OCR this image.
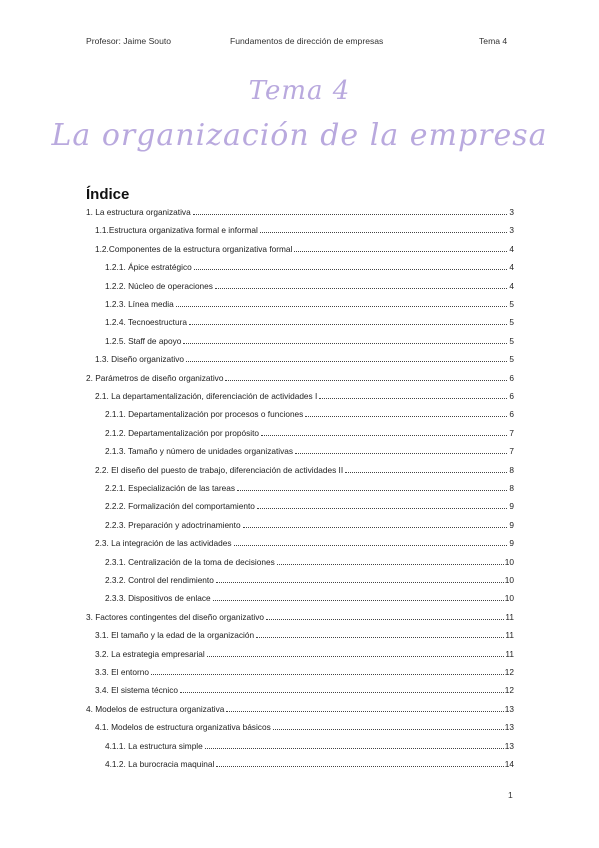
Profesor: Jaime Souto	Fundamentos de dirección de empresas	Tema 4
Tema 4
La organización de la empresa
Índice
1. La estructura organizativa	3
1.1.Estructura organizativa formal e informal	3
1.2.Componentes de la estructura organizativa formal	4
1.2.1. Ápice estratégico	4
1.2.2. Núcleo de operaciones	4
1.2.3. Línea media	5
1.2.4. Tecnoestructura	5
1.2.5. Staff de apoyo	5
1.3. Diseño organizativo	5
2. Parámetros de diseño organizativo	6
2.1. La departamentalización, diferenciación de actividades I	6
2.1.1. Departamentalización por procesos o funciones	6
2.1.2. Departamentalización por propósito	7
2.1.3. Tamaño y número de unidades organizativas	7
2.2. El diseño del puesto de trabajo, diferenciación de actividades II	8
2.2.1. Especialización de las tareas	8
2.2.2. Formalización del comportamiento	9
2.2.3. Preparación y adoctrinamiento	9
2.3. La integración de las actividades	9
2.3.1. Centralización de la toma de decisiones	10
2.3.2. Control del rendimiento	10
2.3.3. Dispositivos de enlace	10
3. Factores contingentes del diseño organizativo	11
3.1. El tamaño y la edad de la organización	11
3.2. La estrategia empresarial	11
3.3. El entorno	12
3.4. El sistema técnico	12
4. Modelos de estructura organizativa	13
4.1. Modelos de estructura organizativa básicos	13
4.1.1. La estructura simple	13
4.1.2. La burocracia maquinal	14
1
